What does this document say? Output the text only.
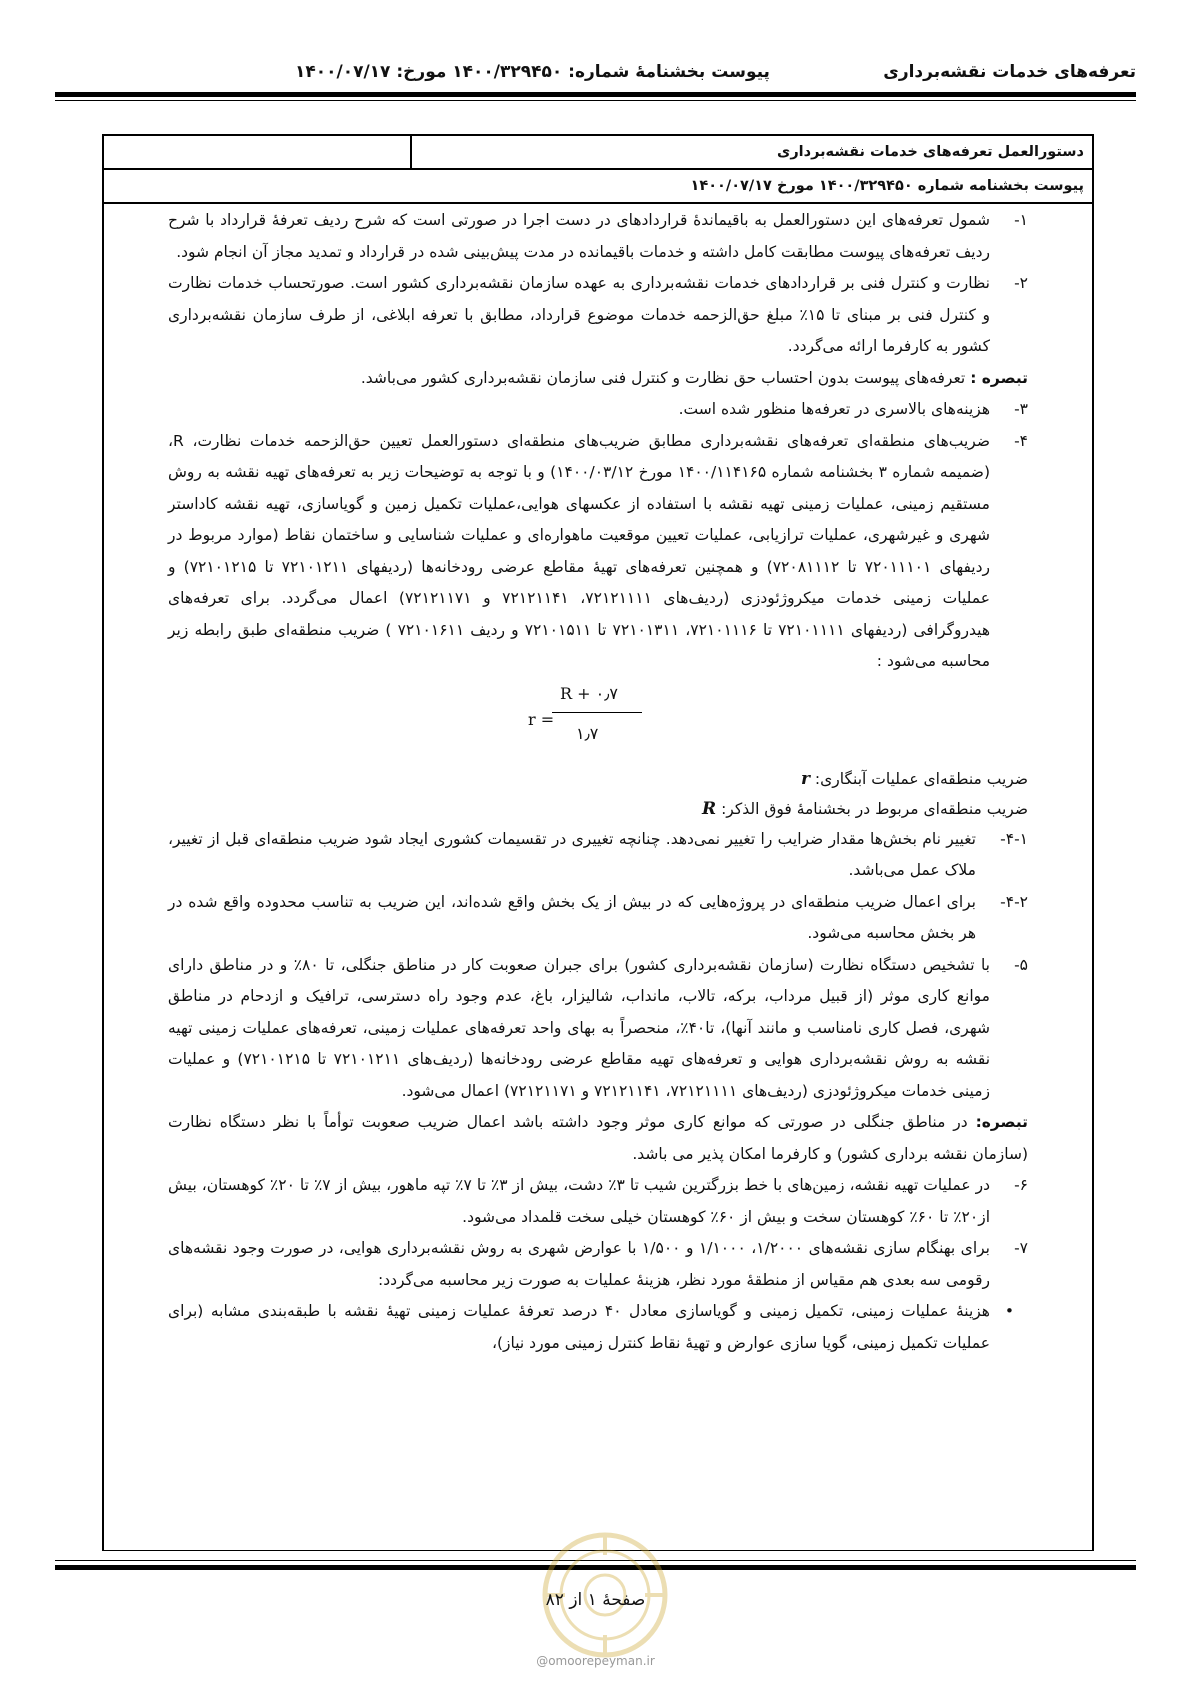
تعرفه‌های خدمات نقشه‌برداری
پیوست بخشنامهٔ شماره: ۱۴۰۰/۳۲۹۴۵۰ مورخ: ۱۴۰۰/۰۷/۱۷
دستورالعمل تعرفه‌های خدمات نقشه‌برداری	
پیوست بخشنامه شماره ۱۴۰۰/۳۲۹۴۵۰ مورخ ۱۴۰۰/۰۷/۱۷
۱-
شمول تعرفه‌های این دستورالعمل به باقیماندهٔ قراردادهای در دست اجرا در صورتی است که شرح ردیف تعرفهٔ قرارداد با شرح ردیف تعرفه‌های پیوست مطابقت کامل داشته و خدمات باقیمانده در مدت پیش‌بینی شده در قرارداد و تمدید مجاز آن انجام شود.
۲-
نظارت و کنترل فنی بر قراردادهای خدمات نقشه‌برداری به عهده سازمان نقشه‌برداری کشور است. صورتحساب خدمات نظارت و کنترل فنی بر مبنای تا ۱۵٪ مبلغ حق‌الزحمه خدمات موضوع قرارداد، مطابق با تعرفه ابلاغی، از طرف سازمان نقشه‌برداری کشور به کارفرما ارائه می‌گردد.
تبصره : تعرفه‌های پیوست بدون احتساب حق نظارت و کنترل فنی سازمان نقشه‌برداری کشور می‌باشد.
۳-
هزینه‌های بالاسری در تعرفه‌ها منظور شده است.
۴-
ضریب‌های منطقه‌ای تعرفه‌های نقشه‌برداری مطابق ضریب‌های منطقه‌ای دستورالعمل تعیین حق‌الزحمه خدمات نظارت، R، (ضمیمه شماره ۳ بخشنامه شماره ۱۴۰۰/۱۱۴۱۶۵ مورخ ۱۴۰۰/۰۳/۱۲) و با توجه به توضیحات زیر به تعرفه‌های تهیه نقشه به روش مستقیم زمینی، عملیات زمینی تهیه نقشه با استفاده از عکسهای هوایی،عملیات تکمیل زمین و گویاسازی، تهیه نقشه کاداستر شهری و غیرشهری، عملیات ترازیابی، عملیات تعیین موقعیت ماهواره‌ای و عملیات شناسایی و ساختمان نقاط (موارد مربوط در ردیفهای ۷۲۰۱۱۱۰۱ تا ۷۲۰۸۱۱۱۲) و همچنین تعرفه‌های تهیهٔ مقاطع عرضی رودخانه‌ها (ردیفهای ۷۲۱۰۱۲۱۱ تا ۷۲۱۰۱۲۱۵) و عملیات زمینی خدمات میکروژئودزی (ردیف‌های ۷۲۱۲۱۱۱۱، ۷۲۱۲۱۱۴۱ و ۷۲۱۲۱۱۷۱) اعمال می‌گردد. برای تعرفه‌های هیدروگرافی (ردیفهای ۷۲۱۰۱۱۱۱ تا ۷۲۱۰۱۱۱۶، ۷۲۱۰۱۳۱۱ تا ۷۲۱۰۱۵۱۱ و ردیف ۷۲۱۰۱۶۱۱ ) ضریب منطقه‌ای طبق رابطه زیر محاسبه می‌شود :
r =
R + ۰٫۷
۱٫۷
ضریب منطقه‌ای عملیات آبنگاری: r
ضریب منطقه‌ای مربوط در بخشنامهٔ فوق الذکر: R
۴-۱-
تغییر نام بخش‌ها مقدار ضرایب را تغییر نمی‌دهد. چنانچه تغییری در تقسیمات کشوری ایجاد شود ضریب منطقه‌ای قبل از تغییر، ملاک عمل می‌باشد.
۴-۲-
برای اعمال ضریب منطقه‌ای در پروژه‌هایی که در بیش از یک بخش واقع شده‌اند، این ضریب به تناسب محدوده واقع شده در هر بخش محاسبه می‌شود.
۵-
با تشخیص دستگاه نظارت (سازمان نقشه‌برداری کشور) برای جبران صعوبت کار در مناطق جنگلی، تا ۸۰٪ و در مناطق دارای موانع کاری موثر (از قبیل مرداب، برکه، تالاب، مانداب، شالیزار، باغ، عدم وجود راه دسترسی، ترافیک و ازدحام در مناطق شهری، فصل کاری نامناسب و مانند آنها)، تا۴۰٪، منحصراً به بهای واحد تعرفه‌های عملیات زمینی، تعرفه‌های عملیات زمینی تهیه نقشه به روش نقشه‌برداری هوایی و تعرفه‌های تهیه مقاطع عرضی رودخانه‌ها (ردیف‌های ۷۲۱۰۱۲۱۱ تا ۷۲۱۰۱۲۱۵) و عملیات زمینی خدمات میکروژئودزی (ردیف‌های ۷۲۱۲۱۱۱۱، ۷۲۱۲۱۱۴۱ و ۷۲۱۲۱۱۷۱) اعمال می‌شود.
تبصره: در مناطق جنگلی در صورتی که موانع کاری موثر وجود داشته باشد اعمال ضریب صعوبت توأماً با نظر دستگاه نظارت (سازمان نقشه برداری کشور) و کارفرما امکان پذیر می باشد.
۶-
در عملیات تهیه نقشه، زمین‌های با خط بزرگترین شیب تا ۳٪ دشت، بیش از ۳٪ تا ۷٪ تپه ماهور، بیش از ۷٪ تا ۲۰٪ کوهستان، بیش از۲۰٪ تا ۶۰٪ کوهستان سخت و بیش از ۶۰٪ کوهستان خیلی سخت قلمداد می‌شود.
۷-
برای بهنگام سازی نقشه‌های ۱/۲۰۰۰، ۱/۱۰۰۰ و ۱/۵۰۰ با عوارض شهری به روش نقشه‌برداری هوایی، در صورت وجود نقشه‌های رقومی سه بعدی هم مقیاس از منطقهٔ مورد نظر، هزینهٔ عملیات به صورت زیر محاسبه می‌گردد:
•
هزینهٔ عملیات زمینی، تکمیل زمینی و گویاسازی معادل ۴۰ درصد تعرفهٔ عملیات زمینی تهیهٔ نقشه با طبقه‌بندی مشابه (برای عملیات تکمیل زمینی، گویا سازی عوارض و تهیهٔ نقاط کنترل زمینی مورد نیاز)،
صفحهٔ ۱ از ۸۲
@omoorepeyman.ir
